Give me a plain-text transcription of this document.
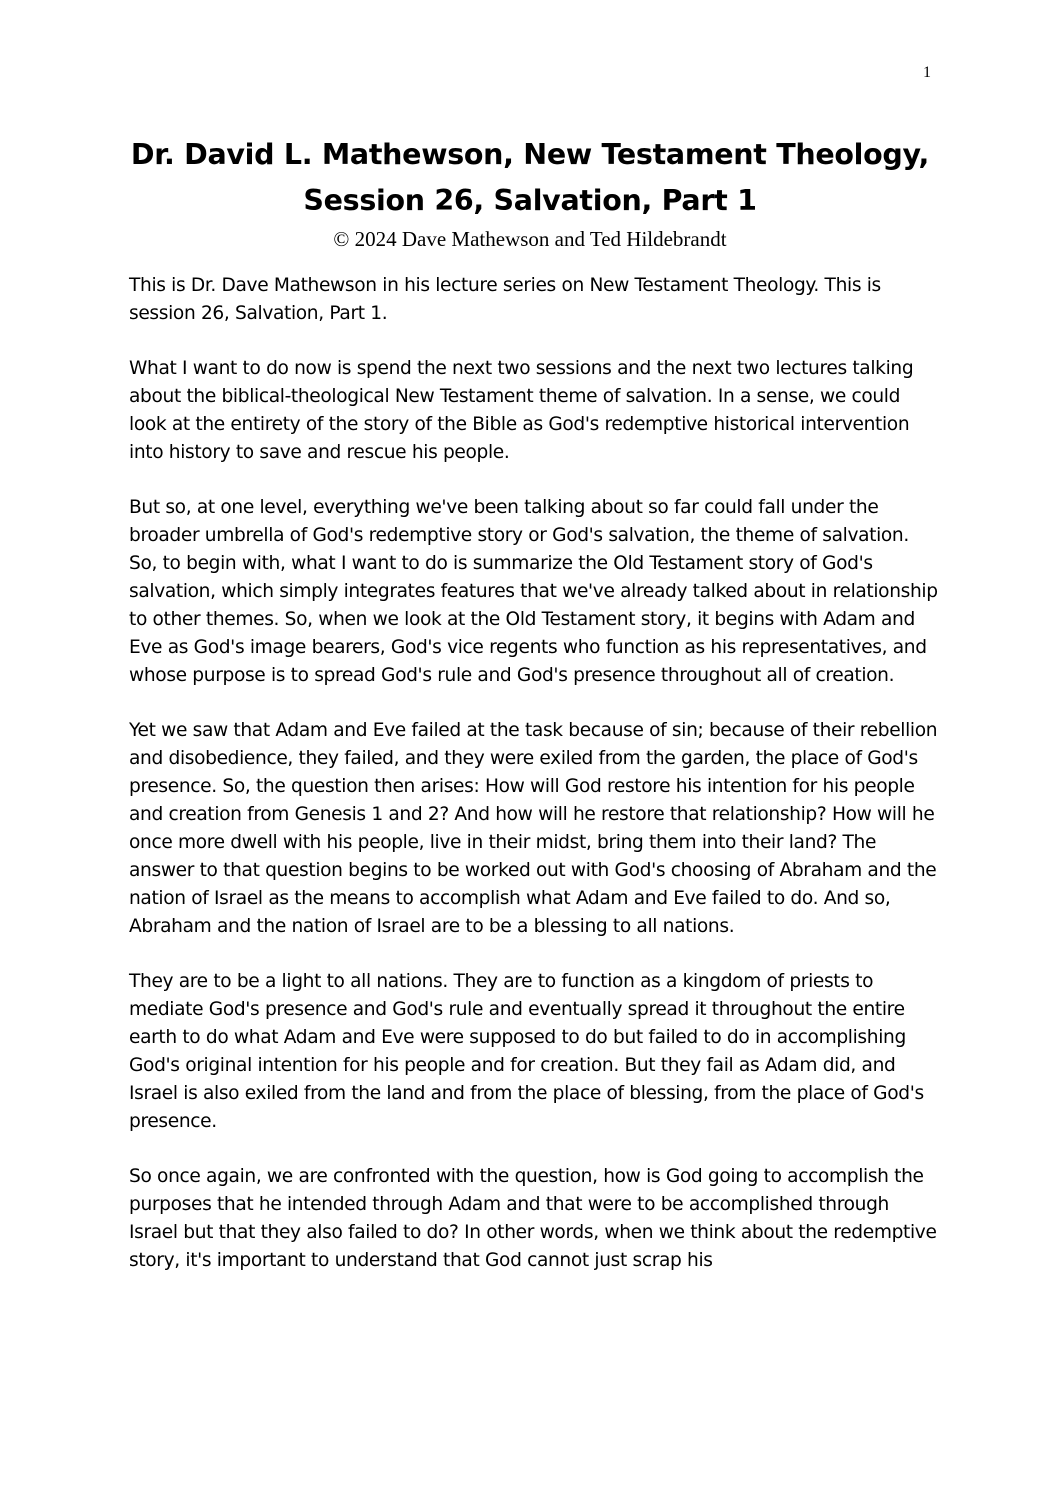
1
Dr. David L. Mathewson, New Testament Theology,
Session 26, Salvation, Part 1
© 2024 Dave Mathewson and Ted Hildebrandt

This is Dr. Dave Mathewson in his lecture series on New Testament Theology. This is session 26, Salvation, Part 1.

What I want to do now is spend the next two sessions and the next two lectures talking about the biblical-theological New Testament theme of salvation. In a sense, we could look at the entirety of the story of the Bible as God's redemptive historical intervention into history to save and rescue his people.

But so, at one level, everything we've been talking about so far could fall under the broader umbrella of God's redemptive story or God's salvation, the theme of salvation. So, to begin with, what I want to do is summarize the Old Testament story of God's salvation, which simply integrates features that we've already talked about in relationship to other themes. So, when we look at the Old Testament story, it begins with Adam and Eve as God's image bearers, God's vice regents who function as his representatives, and whose purpose is to spread God's rule and God's presence throughout all of creation.

Yet we saw that Adam and Eve failed at the task because of sin; because of their rebellion and disobedience, they failed, and they were exiled from the garden, the place of God's presence. So, the question then arises: How will God restore his intention for his people and creation from Genesis 1 and 2? And how will he restore that relationship? How will he once more dwell with his people, live in their midst, bring them into their land? The answer to that question begins to be worked out with God's choosing of Abraham and the nation of Israel as the means to accomplish what Adam and Eve failed to do. And so, Abraham and the nation of Israel are to be a blessing to all nations.

They are to be a light to all nations. They are to function as a kingdom of priests to mediate God's presence and God's rule and eventually spread it throughout the entire earth to do what Adam and Eve were supposed to do but failed to do in accomplishing God's original intention for his people and for creation. But they fail as Adam did, and Israel is also exiled from the land and from the place of blessing, from the place of God's presence.

So once again, we are confronted with the question, how is God going to accomplish the purposes that he intended through Adam and that were to be accomplished through Israel but that they also failed to do? In other words, when we think about the redemptive story, it's important to understand that God cannot just scrap his
